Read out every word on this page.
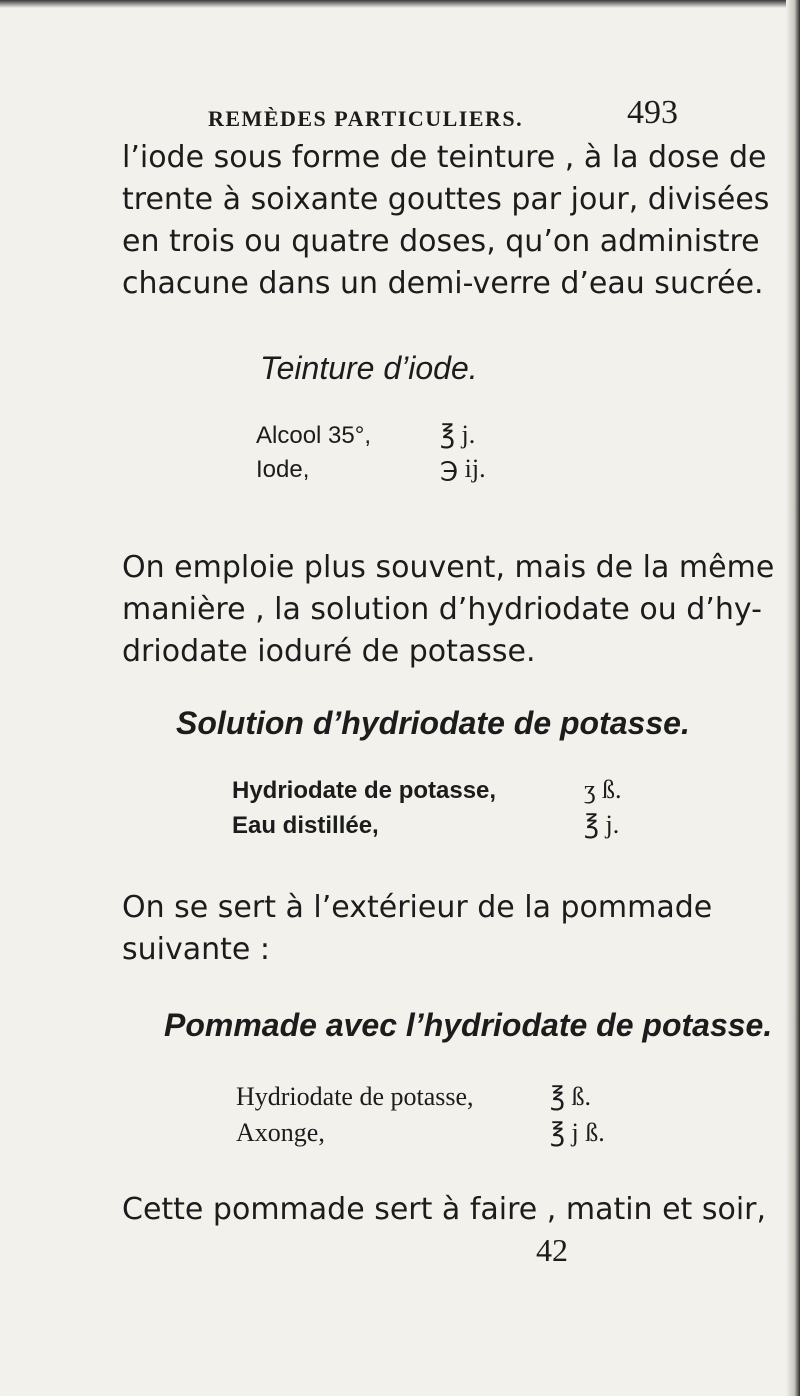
REMÈDES PARTICULIERS.	493
l’iode sous forme de teinture , à la dose de
trente à soixante gouttes par jour, divisées
en trois ou quatre doses, qu’on administre
chacune dans un demi-verre d’eau sucrée.
Teinture d’iode.
Alcool 35°,	℥ j.
Iode,	℈ ij.
On emploie plus souvent, mais de la même
manière , la solution d’hydriodate ou d’hy-
driodate ioduré de potasse.
Solution d’hydriodate de potasse.
Hydriodate de potasse,	ʒ ß.
Eau distillée,	℥ j.
On se sert à l’extérieur de la pommade
suivante :
Pommade avec l’hydriodate de potasse.
Hydriodate de potasse,	℥ ß.
Axonge,	℥ j ß.
Cette pommade sert à faire , matin et soir,
42
